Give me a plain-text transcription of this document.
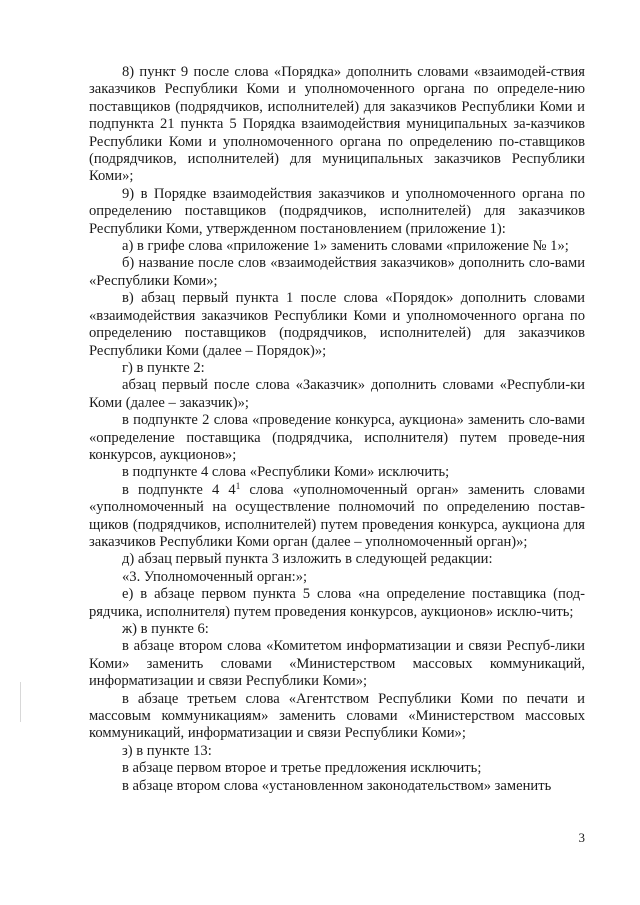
8) пункт 9 после слова «Порядка» дополнить словами «взаимодей-ствия заказчиков Республики Коми и уполномоченного органа по определе-нию поставщиков (подрядчиков, исполнителей) для заказчиков Республики Коми и подпункта 21 пункта 5 Порядка взаимодействия муниципальных за-казчиков Республики Коми и уполномоченного органа по определению по-ставщиков (подрядчиков, исполнителей) для муниципальных заказчиков Республики Коми»;

9) в Порядке взаимодействия заказчиков и уполномоченного органа по определению поставщиков (подрядчиков, исполнителей) для заказчиков Республики Коми, утвержденном постановлением (приложение 1):

а) в грифе слова «приложение 1» заменить словами «приложение № 1»;

б) название после слов «взаимодействия заказчиков» дополнить сло-вами «Республики Коми»;

в) абзац первый пункта 1 после слова «Порядок» дополнить словами «взаимодействия заказчиков Республики Коми и уполномоченного органа по определению поставщиков (подрядчиков, исполнителей) для заказчиков Республики Коми (далее – Порядок)»;

г) в пункте 2:

абзац первый после слова «Заказчик» дополнить словами «Республи-ки Коми (далее – заказчик)»;

в подпункте 2 слова «проведение конкурса, аукциона» заменить сло-вами «определение поставщика (подрядчика, исполнителя) путем проведе-ния конкурсов, аукционов»;

в подпункте 4 слова «Республики Коми» исключить;

в подпункте 4 $4^1$ слова «уполномоченный орган» заменить словами «уполномоченный на осуществление полномочий по определению постав-щиков (подрядчиков, исполнителей) путем проведения конкурса, аукциона для заказчиков Республики Коми орган (далее – уполномоченный орган)»;

д) абзац первый пункта 3 изложить в следующей редакции:

«3. Уполномоченный орган:»;

е) в абзаце первом пункта 5 слова «на определение поставщика (под-рядчика, исполнителя) путем проведения конкурсов, аукционов» исклю-чить;

ж) в пункте 6:

в абзаце втором слова «Комитетом информатизации и связи Респуб-лики Коми» заменить словами «Министерством массовых коммуникаций, информатизации и связи Республики Коми»;

в абзаце третьем слова «Агентством Республики Коми по печати и массовым коммуникациям» заменить словами «Министерством массовых коммуникаций, информатизации и связи Республики Коми»;

з) в пункте 13:

в абзаце первом второе и третье предложения исключить;

в абзаце втором слова «установленном законодательством» заменить

3
